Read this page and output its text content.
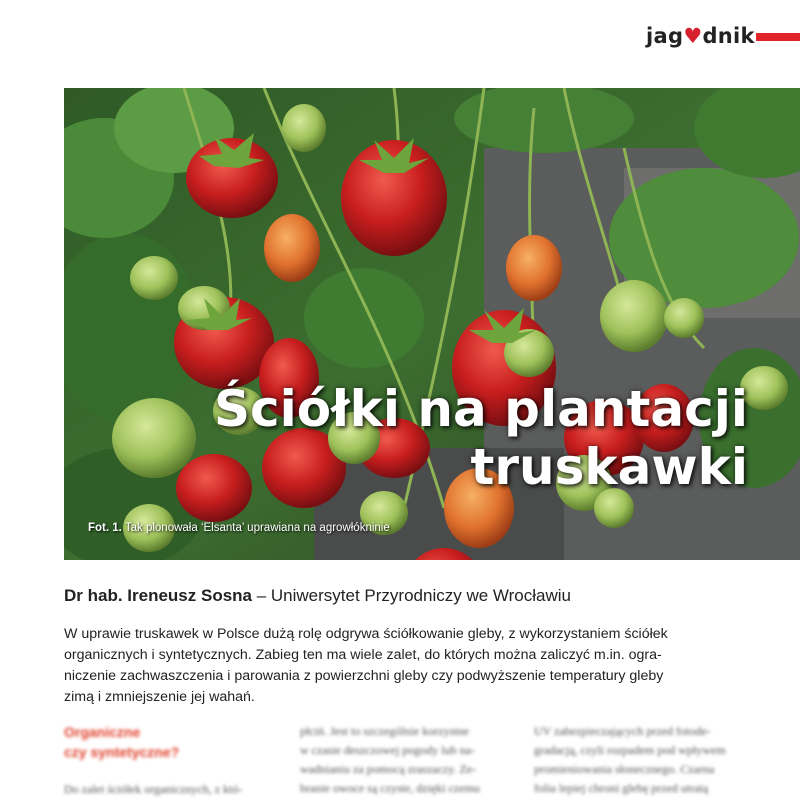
jag♥dnik
Ściółki na plantacji
truskawki
Fot. 1. Tak plonowała ‘Elsanta’ uprawiana na agrowłókninie
Dr hab. Ireneusz Sosna – Uniwersytet Przyrodniczy we Wrocławiu
W uprawie truskawek w Polsce dużą rolę odgrywa ściółkowanie gleby, z wykorzystaniem ściółek
organicznych i syntetycznych. Zabieg ten ma wiele zalet, do których można zaliczyć m.in. ogra-
niczenie zachwaszczenia i parowania z powierzchni gleby czy podwyższenie temperatury gleby
zimą i zmniejszenie jej wahań.
Organiczne
czy syntetyczne?
Do zalet ściółek organicznych, z któ-
płciń. Jest to szczególnie korzystne
w czasie deszczowej pogody lub na-
wadnianiu za pomocą zraszaczy. Ze-
branie owoce są czyste, dzięki czemu
UV zabezpieczających przed fotode-
gradacją, czyli rozpadem pod wpływem
promieniowania słonecznego. Czarna
folia lepiej chroni glebę przed utratą
